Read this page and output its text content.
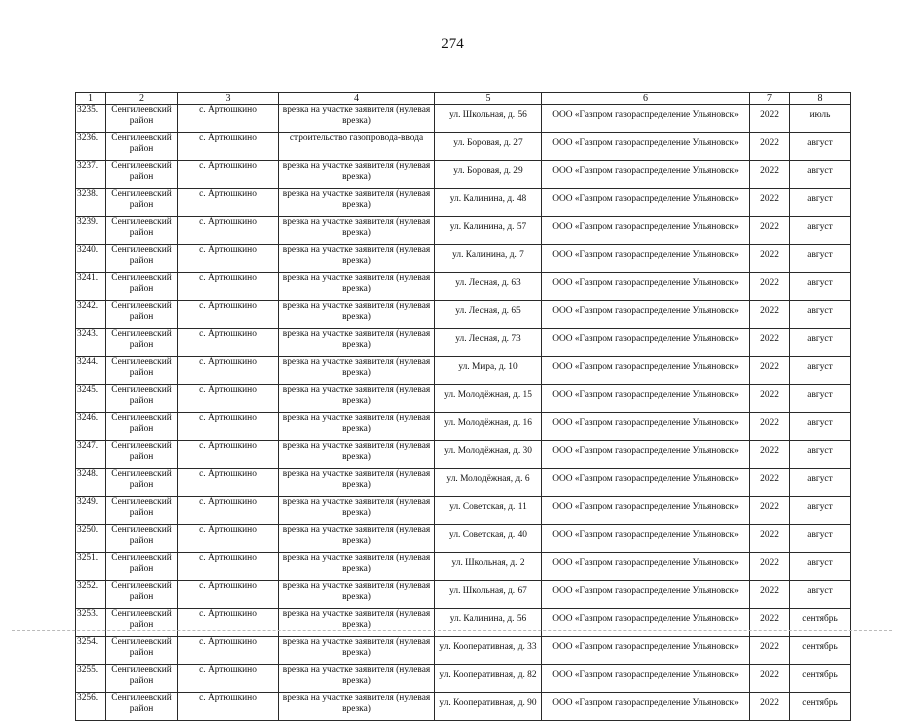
274
1	2	3	4	5	6	7	8
3235.	Сенгилеевский район	с. Артюшкино	врезка на участке заявителя (нулевая врезка)	ул. Школьная, д. 56	ООО «Газпром газораспределение Ульяновск»	2022	июль
3236.	Сенгилеевский район	с. Артюшкино	строительство газопровода-ввода	ул. Боровая, д. 27	ООО «Газпром газораспределение Ульяновск»	2022	август
3237.	Сенгилеевский район	с. Артюшкино	врезка на участке заявителя (нулевая врезка)	ул. Боровая, д. 29	ООО «Газпром газораспределение Ульяновск»	2022	август
3238.	Сенгилеевский район	с. Артюшкино	врезка на участке заявителя (нулевая врезка)	ул. Калинина, д. 48	ООО «Газпром газораспределение Ульяновск»	2022	август
3239.	Сенгилеевский район	с. Артюшкино	врезка на участке заявителя (нулевая врезка)	ул. Калинина, д. 57	ООО «Газпром газораспределение Ульяновск»	2022	август
3240.	Сенгилеевский район	с. Артюшкино	врезка на участке заявителя (нулевая врезка)	ул. Калинина, д. 7	ООО «Газпром газораспределение Ульяновск»	2022	август
3241.	Сенгилеевский район	с. Артюшкино	врезка на участке заявителя (нулевая врезка)	ул. Лесная, д. 63	ООО «Газпром газораспределение Ульяновск»	2022	август
3242.	Сенгилеевский район	с. Артюшкино	врезка на участке заявителя (нулевая врезка)	ул. Лесная, д. 65	ООО «Газпром газораспределение Ульяновск»	2022	август
3243.	Сенгилеевский район	с. Артюшкино	врезка на участке заявителя (нулевая врезка)	ул. Лесная, д. 73	ООО «Газпром газораспределение Ульяновск»	2022	август
3244.	Сенгилеевский район	с. Артюшкино	врезка на участке заявителя (нулевая врезка)	ул. Мира, д. 10	ООО «Газпром газораспределение Ульяновск»	2022	август
3245.	Сенгилеевский район	с. Артюшкино	врезка на участке заявителя (нулевая врезка)	ул. Молодёжная, д. 15	ООО «Газпром газораспределение Ульяновск»	2022	август
3246.	Сенгилеевский район	с. Артюшкино	врезка на участке заявителя (нулевая врезка)	ул. Молодёжная, д. 16	ООО «Газпром газораспределение Ульяновск»	2022	август
3247.	Сенгилеевский район	с. Артюшкино	врезка на участке заявителя (нулевая врезка)	ул. Молодёжная, д. 30	ООО «Газпром газораспределение Ульяновск»	2022	август
3248.	Сенгилеевский район	с. Артюшкино	врезка на участке заявителя (нулевая врезка)	ул. Молодёжная, д. 6	ООО «Газпром газораспределение Ульяновск»	2022	август
3249.	Сенгилеевский район	с. Артюшкино	врезка на участке заявителя (нулевая врезка)	ул. Советская, д. 11	ООО «Газпром газораспределение Ульяновск»	2022	август
3250.	Сенгилеевский район	с. Артюшкино	врезка на участке заявителя (нулевая врезка)	ул. Советская, д. 40	ООО «Газпром газораспределение Ульяновск»	2022	август
3251.	Сенгилеевский район	с. Артюшкино	врезка на участке заявителя (нулевая врезка)	ул. Школьная, д. 2	ООО «Газпром газораспределение Ульяновск»	2022	август
3252.	Сенгилеевский район	с. Артюшкино	врезка на участке заявителя (нулевая врезка)	ул. Школьная, д. 67	ООО «Газпром газораспределение Ульяновск»	2022	август
3253.	Сенгилеевский район	с. Артюшкино	врезка на участке заявителя (нулевая врезка)	ул. Калинина, д. 56	ООО «Газпром газораспределение Ульяновск»	2022	сентябрь
3254.	Сенгилеевский район	с. Артюшкино	врезка на участке заявителя (нулевая врезка)	ул. Кооперативная, д. 33	ООО «Газпром газораспределение Ульяновск»	2022	сентябрь
3255.	Сенгилеевский район	с. Артюшкино	врезка на участке заявителя (нулевая врезка)	ул. Кооперативная, д. 82	ООО «Газпром газораспределение Ульяновск»	2022	сентябрь
3256.	Сенгилеевский район	с. Артюшкино	врезка на участке заявителя (нулевая врезка)	ул. Кооперативная, д. 90	ООО «Газпром газораспределение Ульяновск»	2022	сентябрь
